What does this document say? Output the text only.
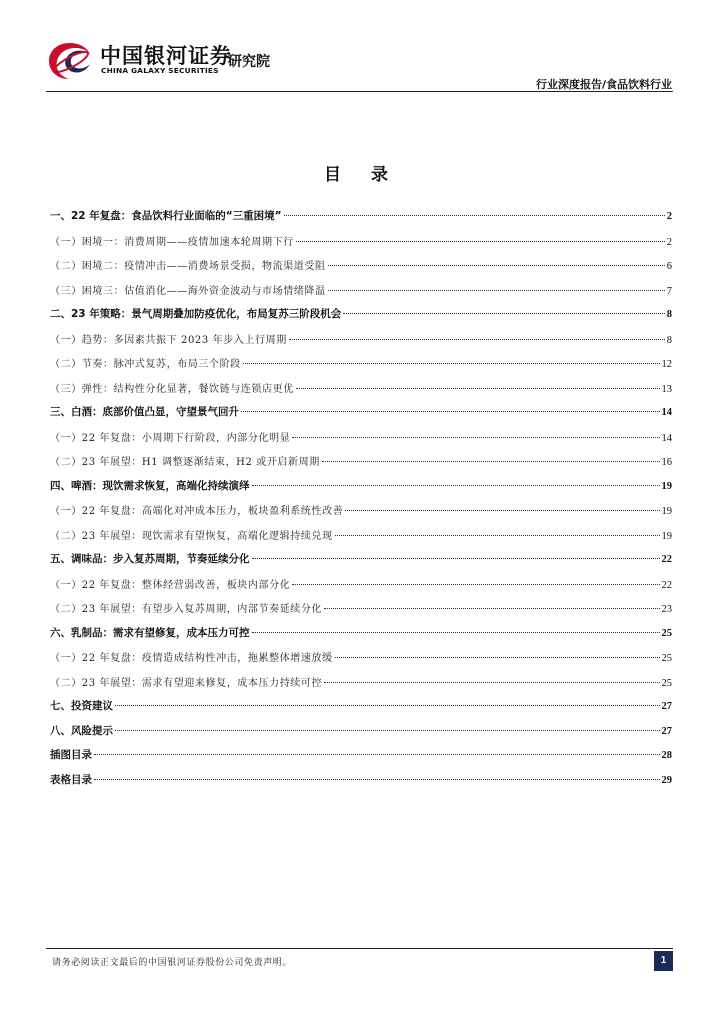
中国银河证券
CHINA GALAXY SECURITIES
研究院
行业深度报告/食品饮料行业
目 录
一、22 年复盘：食品饮料行业面临的“三重困境”	2
（一）困境一：消费周期——疫情加速本轮周期下行	2
（二）困境二：疫情冲击——消费场景受损，物流渠道受阻	6
（三）困境三：估值消化——海外资金波动与市场情绪降温	7
二、23 年策略：景气周期叠加防疫优化，布局复苏三阶段机会	8
（一）趋势：多因素共振下 2023 年步入上行周期	8
（二）节奏：脉冲式复苏，布局三个阶段	12
（三）弹性：结构性分化显著，餐饮链与连锁店更优	13
三、白酒：底部价值凸显，守望景气回升	14
（一）22 年复盘：小周期下行阶段，内部分化明显	14
（二）23 年展望：H1 调整逐渐结束，H2 或开启新周期	16
四、啤酒：现饮需求恢复，高端化持续演绎	19
（一）22 年复盘：高端化对冲成本压力，板块盈利系统性改善	19
（二）23 年展望：现饮需求有望恢复，高端化逻辑持续兑现	19
五、调味品：步入复苏周期，节奏延续分化	22
（一）22 年复盘：整体经营弱改善，板块内部分化	22
（二）23 年展望：有望步入复苏周期，内部节奏延续分化	23
六、乳制品：需求有望修复，成本压力可控	25
（一）22 年复盘：疫情造成结构性冲击，拖累整体增速放缓	25
（二）23 年展望：需求有望迎来修复，成本压力持续可控	25
七、投资建议	27
八、风险提示	27
插图目录	28
表格目录	29
请务必阅读正文最后的中国银河证券股份公司免责声明。	1
